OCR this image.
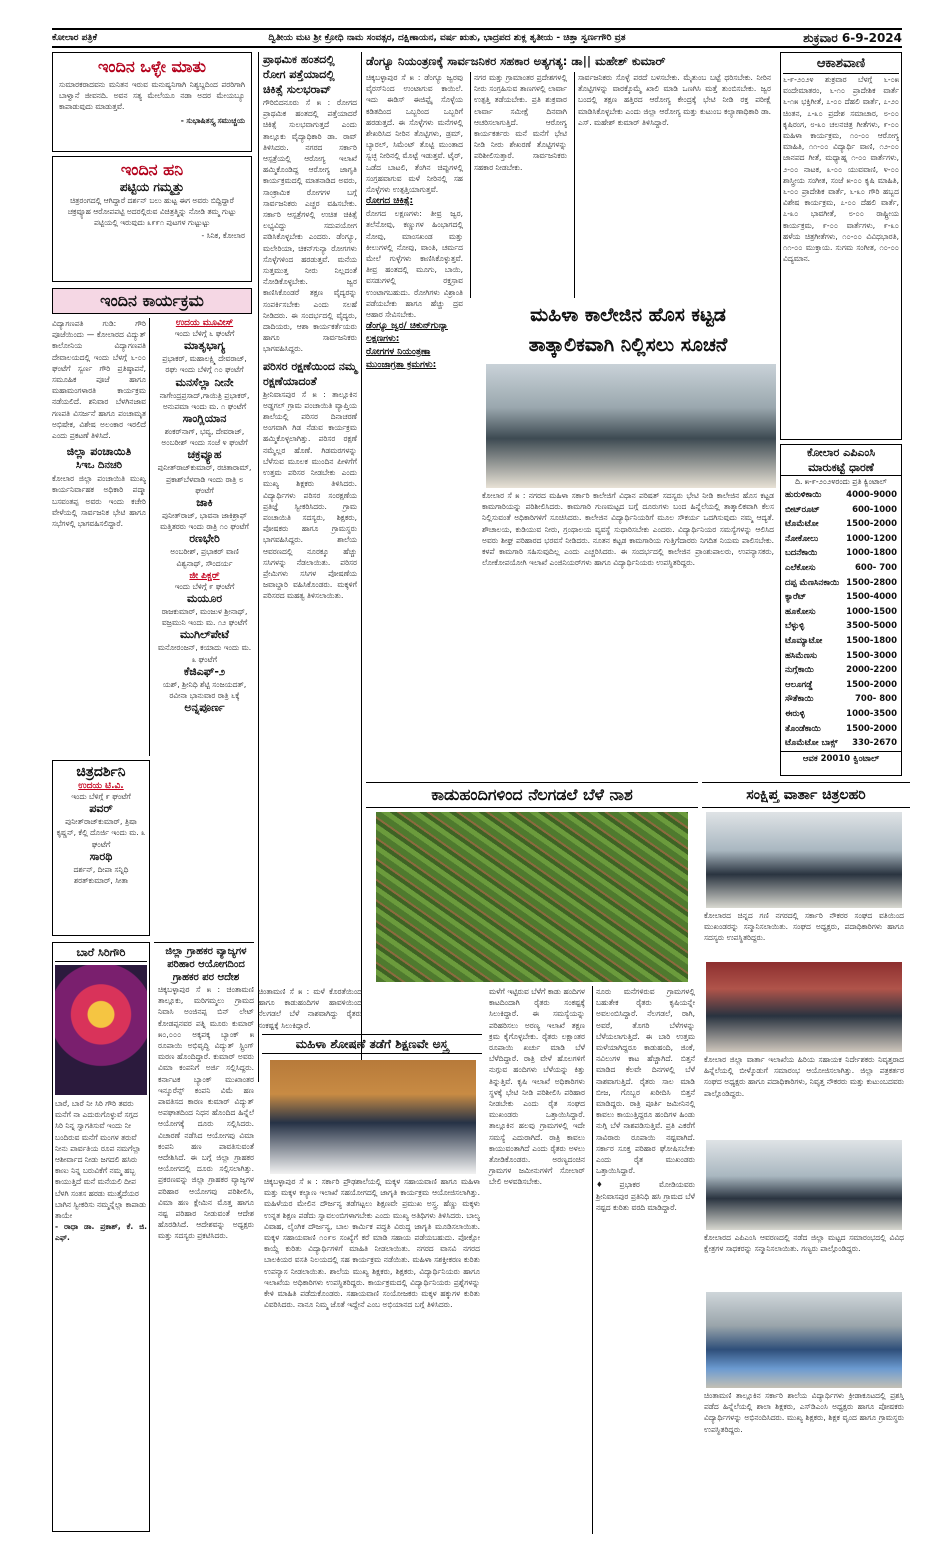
ಕೋಲಾರ ಪತ್ರಿಕೆ	ದ್ವಿತೀಯ ಮಟ ಶ್ರೀ ಕ್ರೋಧಿ ನಾಮ ಸಂವತ್ಸರ, ದಕ್ಷಿಣಾಯನ, ವರ್ಷ ಋತು, ಭಾದ್ರಪದ ಶುಕ್ಲ ತೃತೀಯ - ಚಿತ್ತಾ ಸ್ವರ್ಣಗೌರಿ ವ್ರತ	ಶುಕ್ರವಾರ 6-9-2024
ಇಂದಿನ ಒಳ್ಳೇ ಮಾತು
ಸುಮಾರಕರಾದವನು ಮನಿತನ ಇರುವ ಮನುಷ್ಯನಿಗಾಗಿ ನಿಶ್ಯಬ್ದದಿಂದ ಪರರಿಗಾಗಿ ಬಾಳ್ವಾನೆ ಜೀವನದಿ. ಅವನ ಸತ್ಯ ಮೇಲೆಯೂ ನಡಾ ಅದರ ಮೇಯಬ್ಯೂ ಕಾಪಾಡುವುದು ಮಾಡುತ್ತವೆ.
- ಸುಭಾಷಿತಸ್ತ್ಯ ಸಮುಚ್ಚಯ
ಇಂದಿನ ಹನಿ
ಪಟ್ಟಿಯ ಗಮ್ಮತ್ತು
ಚಿತ್ರರಂಗದಲ್ಲಿ ಆಗಿದ್ದಾರೆ ದರ್ಶನ್ ಬಲು ಹುಟ್ಟ ಈಗ ಅವರು ಬಿದ್ದಿದ್ದಾರೆ ಚಕ್ರವ್ಯೂಹ ಆರೋಪಪಟ್ಟಿ ಅದರಲ್ಲಿರುವ ವಿಚಿತ್ರತ್ಮಿನ್ನು ನೋಡಿ ತಮ್ಮ ಗುಟ್ಟು ಪಟ್ಟಿಯಲ್ಲಿ ಇರುವುದು ೩೯೯೧ ಪುಟಗಳ ಗುಟ್ಟುಟ್ಟು
- ಸಿನಿಕ, ಕೋಲಾರ
ಇಂದಿನ ಕಾರ್ಯಕ್ರಮ
ವಿದ್ಯಾಗಣಪತಿ ಗುಡಿ: ಗೌರಿ ಪೂಜೆಯಿಂದು — ಕೋಲಾರದ ವಿದ್ಯುತ್ ಕಾಲೋನಿಯ ವಿದ್ಯಾಗಣಪತಿ ದೇವಾಲಯದಲ್ಲಿ ಇಂದು ಬೆಳಗ್ಗೆ ೬-೦೦ ಘಂಟೆಗೆ ಸ್ವರ್ಣ ಗೌರಿ ಪ್ರತಿಷ್ಠಾಪನೆ, ಸಮೂಹಿಕ ಪೂಜೆ ಹಾಗೂ ಮಹಾಮಂಗಳಾರತಿ ಕಾರ್ಯಕ್ರಮ ನಡೆಯಲಿದೆ. ಶನಿವಾರ ಬೆಳಗಿನಜಾವ ಗಣಪತಿ ವಿಸರ್ಜನೆ ಹಾಗೂ ಪಂಚಾಮೃತ ಅಭಿಷೇಕ, ವಿಶೇಷ ಅಲಂಕಾರ ಇರಲಿದೆ ಎಂದು ಪ್ರಕಟಣೆ ತಿಳಿಸಿದೆ.
ಜಿಲ್ಲಾ ಪಂಚಾಯಿತಿ
ಸಿಇಒ ದಿನಚರಿ
ಕೋಲಾರ ಜಿಲ್ಲಾ ಪಂಚಾಯಿತಿ ಮುಖ್ಯ ಕಾರ್ಯನಿರ್ವಾಹಕ ಅಧಿಕಾರಿ ಪದ್ಮಾ ಬಸವಂತಪ್ಪ ಅವರು ಇಂದು ಕಚೇರಿ ವೇಳೆಯಲ್ಲಿ ಸಾರ್ವಜನಿಕ ಭೇಟಿ ಹಾಗೂ ಸಭೆಗಳಲ್ಲಿ ಭಾಗವಹಿಸಲಿದ್ದಾರೆ.
ಚಿತ್ರದರ್ಶಿನಿ
ಉದಯ ಟಿ.ವಿ.
ಇಂದು ಬೆಳಿಗ್ಗೆ ೯ ಘಂಟೆಗೆ
ಪವರ್
ಪುನೀತ್‌ರಾಜ್‌ಕುಮಾರ್, ತ್ರಿಷಾ ಕೃಷ್ಣನ್, ಕೆಲ್ಲಿ ದೊರ್ಜಿ ಇಂದು ಮ. ೩ ಘಂಟೆಗೆ
ಸಾರಥಿ
ದರ್ಶನ್, ದೀಪಾ ಸನ್ನಿಧಿ ಶರತ್‌ಕುಮಾರ್, ಸೀತಾ
ಬಾರೆ ಸಿರಿಗೌರಿ
ಬಾರೆ, ಬಾರೆ ನೀ ಸಿರಿ ಗೌರಿ ತವರು ಮನೆಗೆ ನಾ ಎದುರುಗೊಳ್ಳುವೆ ಸಗ್ಗದ ಸಿರಿ ನಿನ್ನ ಸ್ವಾಗತಿಸುವೆ ಇಂದು ನೀ ಬಂದಿರುವ ಮನೆಗೆ ಮಂಗಳ ತರುವೆ ನೀನು ಪಾರ್ವತಿಯ ರೂಪ ನಮಗೆಲ್ಲಾ ಆಶೀರ್ವಾದ ನೀಡು ಜಗದಲಿ ಹಸಿರು ಕಾಣು ನಿನ್ನ ಬರುವಿಕೆಗೆ ನಮ್ಮ ಹಬ್ಬ ಕಾಯುತ್ತಿದೆ ಮನೆ ಮನೆಯಲಿ ದೀಪ ಬೆಳಗಿ ಸಂತಸ ಹರಡು ಮುತ್ತೈದೆಯರ ಬಾಗಿನ ಸ್ವೀಕರಿಸು ನಮ್ಮನ್ನೆಲ್ಲಾ ಕಾಪಾಡು ತಾಯೇ
- ರಾಧಾ ಡಾ. ಪ್ರಕಾಶ್, ಕೆ. ಜಿ. ಎಫ್.
ಉದಯ ಮೂವೀಸ್
ಇಂದು ಬೆಳಿಗ್ಗೆ ೬ ಘಂಟೆಗೆ
ಮಾತೃಭಾಗ್ಯ
ಪ್ರಭಾಕರ್, ಮಹಾಲಕ್ಷ್ಮಿ ದೇವರಾಜ್, ರಘು ಇಂದು ಬೆಳಿಗ್ಗೆ ೧೦ ಘಂಟೆಗೆ
ಮನಸೆಲ್ಲಾ ನೀನೇ
ನಾಗೇಂದ್ರಪ್ರಸಾದ್,ಗಾಯಿತ್ರಿ ಪ್ರಭಾಕರ್, ಅನುಪಮಾ ಇಂದು ಮ. ೧ ಘಂಟೆಗೆ
ಸಾಂಗ್ಲಿಯಾನ
ಶಂಕರ್‌ನಾಗ್, ಭವ್ಯ, ದೇವರಾಜ್, ಅಂಬರೀಶ್ ಇಂದು ಸಂಜೆ ೪ ಘಂಟೆಗೆ
ಚಕ್ರವ್ಯೂಹ
ಪುನೀತ್‌ರಾಜ್‌ಕುಮಾರ್, ರಚಿತಾರಾಮ್, ಪ್ರಕಾಶ್‌ಬೆಳವಾಡಿ ಇಂದು ರಾತ್ರಿ ೮ ಘಂಟೆಗೆ
ಜಾಕಿ
ಪುನೀತ್‌ರಾಜ್, ಭಾವನಾ ಜಾಕಿಶ್ರಾಫ್ ಮತ್ತಿತರರು ಇಂದು ರಾತ್ರಿ ೧೦ ಘಂಟೆಗೆ
ರಣಭೇರಿ
ಅಂಬರೀಶ್, ಪ್ರಭಾಕರ್ ವಾಣಿ ವಿಶ್ವನಾಥ್, ಸೌಂದರ್ಯ
ಜೀ ಪಿಕ್ಚರ್
ಇಂದು ಬೆಳಿಗ್ಗೆ ೯ ಘಂಟೆಗೆ
ಮಯೂರ
ರಾಜಕುಮಾರ್, ಮಂಜುಳ ಶ್ರೀನಾಥ್, ವಜ್ರಮುನಿ ಇಂದು ಮ. ೧೨ ಘಂಟೆಗೆ
ಮುಗಿಲ್‌ಪೇಟೆ
ಮನೋರಂಜನ್, ಕಯಾದು ಇಂದು ಮ. ೩ ಘಂಟೆಗೆ
ಕೆಜಿಎಫ್-೨
ಯಶ್, ಶ್ರೀನಿಧಿ ಶೆಟ್ಟಿ ಸಂಜಯದತ್, ರವೀನಾ ಭಾನುವಾರ ರಾತ್ರಿ ೬ಕ್ಕೆ
ಅನ್ನಪೂರ್ಣ
ಜಿಲ್ಲಾ ಗ್ರಾಹಕರ ವ್ಯಾಜ್ಯಗಳ ಪರಿಹಾರ ಆಯೋಗದಿಂದ ಗ್ರಾಹಕರ ಪರ ಆದೇಶ
ಚಿಕ್ಕಬಳ್ಳಾಪುರ ಸೆ ೫ : ಚಿಂತಾಮಣಿ ತಾಲ್ಲೂಕು, ಮರಿಗಮ್ಮಲು ಗ್ರಾಮದ ನಿವಾಸಿ ಅಂಜಿನಪ್ಪ ಬಿನ್ ಲೇಟ್ ಕೋಡಪ್ಪನವರ ಪತ್ನಿ ಮೂರು ಕುಮಾರ್ ೫೦,೦೦೦ ಅಕ್ಕಪಕ್ಕ ಬ್ಯಾಂಕ್ ೫ ರೂಪಾಯಿ ಅಭಿವೃದ್ಧಿ ವಿದ್ಯುತ್ ಸ್ಟ್ರಿಂಗ್ ಮರಣ ಹೊಂದಿದ್ದಾರೆ. ಕುಮಾರ್ ಅವರು ವಿಮಾ ಕಂಪನಿಗೆ ಅರ್ಜಿ ಸಲ್ಲಿಸಿದ್ದರು. ಕರ್ನಾಟಕ ಬ್ಯಾಂಕ್ ಮುಖಾಂತರ ಇನ್ಶೂರೆನ್ಸ್ ಕಂಪನಿ ವಿಮೆ ಹಣ ಪಾವತಿಸದ ಕಾರಣ ಕುಮಾರ್ ವಿದ್ಯುತ್ ಅಪಘಾತದಿಂದ ನಿಧನ ಹೊಂದಿದ ಹಿನ್ನೆಲೆ ಆಯೋಗಕ್ಕೆ ದೂರು ಸಲ್ಲಿಸಿದರು. ವಿಚಾರಣೆ ನಡೆಸಿದ ಆಯೋಗವು ವಿಮಾ ಕಂಪನಿ ಹಣ ಪಾವತಿಸುವಂತೆ ಆದೇಶಿಸಿದೆ. ಈ ಬಗ್ಗೆ ಜಿಲ್ಲಾ ಗ್ರಾಹಕರ ಆಯೋಗದಲ್ಲಿ ದೂರು ಸಲ್ಲಿಸಲಾಗಿತ್ತು. ಪ್ರಕರಣವನ್ನು ಜಿಲ್ಲಾ ಗ್ರಾಹಕರ ವ್ಯಾಜ್ಯಗಳ ಪರಿಹಾರ ಆಯೋಗವು ಪರಿಶೀಲಿಸಿ, ವಿಮಾ ಹಣ ಕ್ಲೇಮಿನ ಮೊತ್ತ ಹಾಗೂ ನಷ್ಟ ಪರಿಹಾರ ನೀಡುವಂತೆ ಆದೇಶ ಹೊರಡಿಸಿದೆ. ಆದೇಶವನ್ನು ಅಧ್ಯಕ್ಷರು ಮತ್ತು ಸದಸ್ಯರು ಪ್ರಕಟಿಸಿದರು.
ಪ್ರಾಥಮಿಕ ಹಂತದಲ್ಲಿ ರೋಗ ಪತ್ತೆಯಾದಲ್ಲಿ ಚಿಕಿತ್ಸೆ ಸುಲಭರಾವ್
ಗೌರಿಬಿದನೂರು ಸೆ ೫ : ರೋಗದ ಪ್ರಾಥಮಿಕ ಹಂತದಲ್ಲಿ ಪತ್ತೆಯಾದರೆ ಚಿಕಿತ್ಸೆ ಸುಲಭವಾಗುತ್ತದೆ ಎಂದು ತಾಲ್ಲೂಕು ವೈದ್ಯಾಧಿಕಾರಿ ಡಾ. ರಾವ್ ತಿಳಿಸಿದರು. ನಗರದ ಸರ್ಕಾರಿ ಆಸ್ಪತ್ರೆಯಲ್ಲಿ ಆರೋಗ್ಯ ಇಲಾಖೆ ಹಮ್ಮಿಕೊಂಡಿದ್ದ ಆರೋಗ್ಯ ಜಾಗೃತಿ ಕಾರ್ಯಕ್ರಮದಲ್ಲಿ ಮಾತನಾಡಿದ ಅವರು, ಸಾಂಕ್ರಾಮಿಕ ರೋಗಗಳ ಬಗ್ಗೆ ಸಾರ್ವಜನಿಕರು ಎಚ್ಚರ ವಹಿಸಬೇಕು. ಸರ್ಕಾರಿ ಆಸ್ಪತ್ರೆಗಳಲ್ಲಿ ಉಚಿತ ಚಿಕಿತ್ಸೆ ಲಭ್ಯವಿದ್ದು ಸದುಪಯೋಗ ಪಡಿಸಿಕೊಳ್ಳಬೇಕು ಎಂದರು. ಡೆಂಗ್ಯೂ, ಮಲೇರಿಯಾ, ಚಿಕನ್‌ಗುನ್ಯಾ ರೋಗಗಳು ಸೊಳ್ಳೆಗಳಿಂದ ಹರಡುತ್ತವೆ. ಮನೆಯ ಸುತ್ತಮುತ್ತ ನೀರು ನಿಲ್ಲದಂತೆ ನೋಡಿಕೊಳ್ಳಬೇಕು. ಜ್ವರ ಕಾಣಿಸಿಕೊಂಡರೆ ತಕ್ಷಣ ವೈದ್ಯರನ್ನು ಸಂಪರ್ಕಿಸಬೇಕು ಎಂದು ಸಲಹೆ ನೀಡಿದರು. ಈ ಸಂದರ್ಭದಲ್ಲಿ ವೈದ್ಯರು, ದಾದಿಯರು, ಆಶಾ ಕಾರ್ಯಕರ್ತೆಯರು ಹಾಗೂ ಸಾರ್ವಜನಿಕರು ಭಾಗವಹಿಸಿದ್ದರು.
ಪರಿಸರ ರಕ್ಷಣೆಯಿಂದ ನಮ್ಮ ರಕ್ಷಣೆಯಾದಂತೆ
ಶ್ರೀನಿವಾಸಪುರ ಸೆ ೫ : ತಾಲ್ಲೂಕಿನ ಅಡ್ಡಗಲ್ ಗ್ರಾಮ ಪಂಚಾಯಿತಿ ವ್ಯಾಪ್ತಿಯ ಶಾಲೆಯಲ್ಲಿ ಪರಿಸರ ದಿನಾಚರಣೆ ಅಂಗವಾಗಿ ಗಿಡ ನೆಡುವ ಕಾರ್ಯಕ್ರಮ ಹಮ್ಮಿಕೊಳ್ಳಲಾಗಿತ್ತು. ಪರಿಸರ ರಕ್ಷಣೆ ನಮ್ಮೆಲ್ಲರ ಹೊಣೆ. ಗಿಡಮರಗಳನ್ನು ಬೆಳೆಸುವ ಮೂಲಕ ಮುಂದಿನ ಪೀಳಿಗೆಗೆ ಉತ್ತಮ ಪರಿಸರ ನೀಡಬೇಕು ಎಂದು ಮುಖ್ಯ ಶಿಕ್ಷಕರು ತಿಳಿಸಿದರು. ವಿದ್ಯಾರ್ಥಿಗಳು ಪರಿಸರ ಸಂರಕ್ಷಣೆಯ ಪ್ರತಿಜ್ಞೆ ಸ್ವೀಕರಿಸಿದರು. ಗ್ರಾಮ ಪಂಚಾಯಿತಿ ಸದಸ್ಯರು, ಶಿಕ್ಷಕರು, ಪೋಷಕರು ಹಾಗೂ ಗ್ರಾಮಸ್ಥರು ಭಾಗವಹಿಸಿದ್ದರು. ಶಾಲೆಯ ಆವರಣದಲ್ಲಿ ನೂರಕ್ಕೂ ಹೆಚ್ಚು ಸಸಿಗಳನ್ನು ನೆಡಲಾಯಿತು. ಪರಿಸರ ಪ್ರೇಮಿಗಳು ಸಸಿಗಳ ಪೋಷಣೆಯ ಜವಾಬ್ದಾರಿ ವಹಿಸಿಕೊಂಡರು. ಮಕ್ಕಳಿಗೆ ಪರಿಸರದ ಮಹತ್ವ ತಿಳಿಸಲಾಯಿತು.
ಡೆಂಗ್ಯೂ ನಿಯಂತ್ರಣಕ್ಕೆ ಸಾರ್ವಜನಿಕರ ಸಹಕಾರ ಅತ್ಯಗತ್ಯ: ಡಾ|| ಮಹೇಶ್ ಕುಮಾರ್
ಚಿಕ್ಕಬಳ್ಳಾಪುರ ಸೆ ೫ : ಡೆಂಗ್ಯೂ ಜ್ವರವು ವೈರಸ್‌ನಿಂದ ಉಂಟಾಗುವ ಕಾಯಿಲೆ. ಇದು ಈಡಿಸ್ ಈಜಿಪ್ಟೈ ಸೊಳ್ಳೆಯ ಕಡಿತದಿಂದ ಒಬ್ಬರಿಂದ ಒಬ್ಬರಿಗೆ ಹರಡುತ್ತದೆ. ಈ ಸೊಳ್ಳೆಗಳು ಮನೆಗಳಲ್ಲಿ ಶೇಖರಿಸಿದ ನೀರಿನ ತೊಟ್ಟಿಗಳು, ಡ್ರಮ್, ಬ್ಯಾರಲ್, ಸಿಮೆಂಟ್ ತೊಟ್ಟಿ ಮುಂತಾದ ಸ್ವಚ್ಛ ನೀರಿನಲ್ಲಿ ಮೊಟ್ಟೆ ಇಡುತ್ತವೆ. ಟೈರ್, ಒಡೆದ ಬಾಟಲಿ, ತೆಂಗಿನ ಚಿಪ್ಪುಗಳಲ್ಲಿ ಸಂಗ್ರಹವಾಗುವ ಮಳೆ ನೀರಿನಲ್ಲಿ ಸಹ ಸೊಳ್ಳೆಗಳು ಉತ್ಪತ್ತಿಯಾಗುತ್ತವೆ.
ರೋಗದ ಚಿಕಿತ್ಸೆ:
ರೋಗದ ಲಕ್ಷಣಗಳು: ತೀವ್ರ ಜ್ವರ, ತಲೆನೋವು, ಕಣ್ಣುಗಳ ಹಿಂಭಾಗದಲ್ಲಿ ನೋವು, ಮಾಂಸಖಂಡ ಮತ್ತು ಕೀಲುಗಳಲ್ಲಿ ನೋವು, ವಾಂತಿ, ಚರ್ಮದ ಮೇಲೆ ಗುಳ್ಳೆಗಳು ಕಾಣಿಸಿಕೊಳ್ಳುತ್ತವೆ. ತೀವ್ರ ಹಂತದಲ್ಲಿ ಮೂಗು, ಬಾಯಿ, ವಸಡುಗಳಲ್ಲಿ ರಕ್ತಸ್ರಾವ ಉಂಟಾಗಬಹುದು. ರೋಗಿಗಳು ವಿಶ್ರಾಂತಿ ಪಡೆಯಬೇಕು ಹಾಗೂ ಹೆಚ್ಚು ದ್ರವ ಆಹಾರ ಸೇವಿಸಬೇಕು.
ಡೆಂಗ್ಯೂ ಜ್ವರ/ ಚಿಕುನ್‌ಗುನ್ಯಾ ಲಕ್ಷಣಗಳು:
ರೋಗಗಳ ನಿಯಂತ್ರಣಾ ಮುಂಜಾಗ್ರತಾ ಕ್ರಮಗಳು:
ನಗರ ಮತ್ತು ಗ್ರಾಮಾಂತರ ಪ್ರದೇಶಗಳಲ್ಲಿ ನೀರು ಸಂಗ್ರಹಿಸುವ ತಾಣಗಳಲ್ಲಿ ಲಾರ್ವಾ ಉತ್ಪತ್ತಿ ತಡೆಯಬೇಕು. ಪ್ರತಿ ಶುಕ್ರವಾರ ಲಾರ್ವಾ ಸಮೀಕ್ಷೆ ದಿನವಾಗಿ ಆಚರಿಸಲಾಗುತ್ತಿದೆ. ಆರೋಗ್ಯ ಕಾರ್ಯಕರ್ತರು ಮನೆ ಮನೆಗೆ ಭೇಟಿ ನೀಡಿ ನೀರು ಶೇಖರಣೆ ತೊಟ್ಟಿಗಳನ್ನು ಪರಿಶೀಲಿಸುತ್ತಾರೆ. ಸಾರ್ವಜನಿಕರು ಸಹಕಾರ ನೀಡಬೇಕು.
ಸಾರ್ವಜನಿಕರು ಸೊಳ್ಳೆ ಪರದೆ ಬಳಸಬೇಕು. ಮೈತುಂಬ ಬಟ್ಟೆ ಧರಿಸಬೇಕು. ನೀರಿನ ತೊಟ್ಟಿಗಳನ್ನು ವಾರಕ್ಕೊಮ್ಮೆ ಖಾಲಿ ಮಾಡಿ ಒಣಗಿಸಿ ಮತ್ತೆ ತುಂಬಿಸಬೇಕು. ಜ್ವರ ಬಂದಲ್ಲಿ ತಕ್ಷಣ ಹತ್ತಿರದ ಆರೋಗ್ಯ ಕೇಂದ್ರಕ್ಕೆ ಭೇಟಿ ನೀಡಿ ರಕ್ತ ಪರೀಕ್ಷೆ ಮಾಡಿಸಿಕೊಳ್ಳಬೇಕು ಎಂದು ಜಿಲ್ಲಾ ಆರೋಗ್ಯ ಮತ್ತು ಕುಟುಂಬ ಕಲ್ಯಾಣಾಧಿಕಾರಿ ಡಾ. ಎಸ್. ಮಹೇಶ್ ಕುಮಾರ್ ತಿಳಿಸಿದ್ದಾರೆ.
ಮಹಿಳಾ ಕಾಲೇಜಿನ ಹೊಸ ಕಟ್ಟಡ
ತಾತ್ಕಾಲಿಕವಾಗಿ ನಿಲ್ಲಿಸಲು ಸೂಚನೆ
ಕೋಲಾರ ಸೆ ೫ : ನಗರದ ಮಹಿಳಾ ಸರ್ಕಾರಿ ಕಾಲೇಜಿಗೆ ವಿಧಾನ ಪರಿಷತ್ ಸದಸ್ಯರು ಭೇಟಿ ನೀಡಿ ಕಾಲೇಜಿನ ಹೊಸ ಕಟ್ಟಡ ಕಾಮಗಾರಿಯನ್ನು ಪರಿಶೀಲಿಸಿದರು. ಕಾಮಗಾರಿ ಗುಣಮಟ್ಟದ ಬಗ್ಗೆ ದೂರುಗಳು ಬಂದ ಹಿನ್ನೆಲೆಯಲ್ಲಿ ತಾತ್ಕಾಲಿಕವಾಗಿ ಕೆಲಸ ನಿಲ್ಲಿಸುವಂತೆ ಅಧಿಕಾರಿಗಳಿಗೆ ಸೂಚಿಸಿದರು. ಕಾಲೇಜಿನ ವಿದ್ಯಾರ್ಥಿನಿಯರಿಗೆ ಮೂಲ ಸೌಕರ್ಯ ಒದಗಿಸುವುದು ನಮ್ಮ ಆದ್ಯತೆ. ಶೌಚಾಲಯ, ಕುಡಿಯುವ ನೀರು, ಗ್ರಂಥಾಲಯ ವ್ಯವಸ್ಥೆ ಸುಧಾರಿಸಬೇಕು ಎಂದರು. ವಿದ್ಯಾರ್ಥಿನಿಯರ ಸಮಸ್ಯೆಗಳನ್ನು ಆಲಿಸಿದ ಅವರು ಶೀಘ್ರ ಪರಿಹಾರದ ಭರವಸೆ ನೀಡಿದರು. ನೂತನ ಕಟ್ಟಡ ಕಾಮಗಾರಿಯ ಗುತ್ತಿಗೆದಾರರು ನಿಗದಿತ ನಿಯಮ ಪಾಲಿಸಬೇಕು. ಕಳಪೆ ಕಾಮಗಾರಿ ಸಹಿಸುವುದಿಲ್ಲ ಎಂದು ಎಚ್ಚರಿಸಿದರು. ಈ ಸಂದರ್ಭದಲ್ಲಿ ಕಾಲೇಜಿನ ಪ್ರಾಂಶುಪಾಲರು, ಉಪನ್ಯಾಸಕರು, ಲೋಕೋಪಯೋಗಿ ಇಲಾಖೆ ಎಂಜಿನಿಯರ್‌ಗಳು ಹಾಗೂ ವಿದ್ಯಾರ್ಥಿನಿಯರು ಉಪಸ್ಥಿತರಿದ್ದರು.
ಆಕಾಶವಾಣಿ
೬-೯-೨೦೨೪ ಶುಕ್ರವಾರ ಬೆಳಗ್ಗೆ ೬-೦೫ ವಂದೇಮಾತರಂ, ೬-೧೦ ಪ್ರಾದೇಶಿಕ ವಾರ್ತೆ ೬-೧೫ ಭಕ್ತಿಗೀತೆ, ೭-೦೦ ದೆಹಲಿ ವಾರ್ತೆ, ೭-೨೦ ಚಿಂತನ, ೭-೩೦ ಪ್ರದೇಶ ಸಮಾಚಾರ, ೮-೦೦ ಕೃಷಿರಂಗ, ೮-೩೦ ಚಲನಚಿತ್ರ ಗೀತೆಗಳು, ೯-೦೦ ಮಹಿಳಾ ಕಾರ್ಯಕ್ರಮ, ೧೦-೦೦ ಆರೋಗ್ಯ ಮಾಹಿತಿ, ೧೧-೦೦ ವಿದ್ಯಾರ್ಥಿ ವಾಣಿ, ೧೨-೦೦ ಜಾನಪದ ಗೀತೆ, ಮಧ್ಯಾಹ್ನ ೧-೦೦ ವಾರ್ತೆಗಳು, ೨-೦೦ ನಾಟಕ, ೩-೦೦ ಯುವವಾಣಿ, ೪-೦೦ ಶಾಸ್ತ್ರೀಯ ಸಂಗೀತ, ಸಂಜೆ ೫-೦೦ ಕೃಷಿ ಮಾಹಿತಿ, ೬-೦೦ ಪ್ರಾದೇಶಿಕ ವಾರ್ತೆ, ೬-೩೦ ಗೌರಿ ಹಬ್ಬದ ವಿಶೇಷ ಕಾರ್ಯಕ್ರಮ, ೭-೦೦ ದೆಹಲಿ ವಾರ್ತೆ, ೭-೩೦ ಭಾವಗೀತೆ, ೮-೦೦ ರಾಷ್ಟ್ರೀಯ ಕಾರ್ಯಕ್ರಮ, ೯-೦೦ ವಾರ್ತೆಗಳು, ೯-೩೦ ಹಳೆಯ ಚಿತ್ರಗೀತೆಗಳು, ೧೦-೦೦ ವಿವಿಧಭಾರತಿ, ೧೧-೦೦ ಮುಕ್ತಾಯ. ಸುಗಮ ಸಂಗೀತ, ೧೦-೦೦ ವಿದ್ಯಮಾನ.
ಕೋಲಾರ ಎಪಿಎಂಸಿ
ಮಾರುಕಟ್ಟೆ ಧಾರಣೆ
ದಿ. ೫-೯-೨೦೨೪ರಂದು ಪ್ರತಿ ಕ್ವಿಂಟಾಲ್
ಹುರುಳಿಕಾಯಿ	4000-9000
ಬೀಟ್‌ರೂಟ್	600-1000
ಟೊಮೆಟೋ	1500-2000
ನೋಕೋಲು	1000-1200
ಬದನೆಕಾಯಿ	1000-1800
ಎಲೆಕೋಸು	600- 700
ದಪ್ಪ ಮೆಣಸಿನಕಾಯಿ 1500-2800
ಕ್ಯಾರೆಟ್	1500-4000
ಹೂಕೋಸು	1000-1500
ಬೆಳ್ಳುಳ್ಳಿ	3500-5000
ಟೊಮ್ಯಾಟೋ	1500-1800
ಹಸಿಮೆಣಸು	1500-3000
ನುಗ್ಗೆಕಾಯಿ	2000-2200
ಆಲೂಗಡ್ಡೆ	1500-2000
ಸೌತೆಕಾಯಿ	700- 800
ಈರುಳ್ಳಿ	1000-3500
ತೊಂಡೆಕಾಯಿ	1500-2000
ಟೊಮೆಟೋ ಬಾಕ್ಸ್ 330-2670
ಆವಕ 20010 ಕ್ವಿಂಟಾಲ್
ಕಾಡುಹಂದಿಗಳಿಂದ ನೆಲಗಡಲೆ ಬೆಳೆ ನಾಶ
ಚಿಂತಾಮಣಿ ಸೆ ೫ : ಮಳೆ ಕೊರತೆಯಿಂದ ಹಾಗೂ ಕಾಡುಹಂದಿಗಳ ಹಾವಳಿಯಿಂದ ನೆಲಗಡಲೆ ಬೆಳೆ ನಾಶವಾಗಿದ್ದು ರೈತರು ಸಂಕಷ್ಟಕ್ಕೆ ಸಿಲುಕಿದ್ದಾರೆ.
ಮಳೆಗೆ ಇಟ್ಟಿರುವ ಬೆಳೆಗೆ ಕಾಡು ಹಂದಿಗಳ ಕಾಟದಿಂದಾಗಿ ರೈತರು ಸಂಕಷ್ಟಕ್ಕೆ ಸಿಲುಕಿದ್ದಾರೆ. ಈ ಸಮಸ್ಯೆಯನ್ನು ಪರಿಹರಿಸಲು ಅರಣ್ಯ ಇಲಾಖೆ ತಕ್ಷಣ ಕ್ರಮ ಕೈಗೊಳ್ಳಬೇಕು. ರೈತರು ಲಕ್ಷಾಂತರ ರೂಪಾಯಿ ಖರ್ಚು ಮಾಡಿ ಬೆಳೆ ಬೆಳೆದಿದ್ದಾರೆ. ರಾತ್ರಿ ವೇಳೆ ಹೊಲಗಳಿಗೆ ನುಗ್ಗುವ ಹಂದಿಗಳು ಬೆಳೆಯನ್ನು ಕಿತ್ತು ತಿನ್ನುತ್ತಿವೆ. ಕೃಷಿ ಇಲಾಖೆ ಅಧಿಕಾರಿಗಳು ಸ್ಥಳಕ್ಕೆ ಭೇಟಿ ನೀಡಿ ಪರಿಶೀಲಿಸಿ ಪರಿಹಾರ ನೀಡಬೇಕು ಎಂದು ರೈತ ಸಂಘದ ಮುಖಂಡರು ಒತ್ತಾಯಿಸಿದ್ದಾರೆ. ತಾಲ್ಲೂಕಿನ ಹಲವು ಗ್ರಾಮಗಳಲ್ಲಿ ಇದೇ ಸಮಸ್ಯೆ ಎದುರಾಗಿದೆ. ರಾತ್ರಿ ಕಾವಲು ಕಾಯುವಂತಾಗಿದೆ ಎಂದು ರೈತರು ಅಳಲು ತೋಡಿಕೊಂಡರು. ಅರಣ್ಯದಂಚಿನ ಗ್ರಾಮಗಳ ಜಮೀನುಗಳಿಗೆ ಸೋಲಾರ್ ಬೇಲಿ ಅಳವಡಿಸಬೇಕು.
ನೂರು ಮನೆಗಳಿರುವ ಗ್ರಾಮಗಳಲ್ಲಿ ಬಹುತೇಕ ರೈತರು ಕೃಷಿಯನ್ನೇ ಅವಲಂಬಿಸಿದ್ದಾರೆ. ನೆಲಗಡಲೆ, ರಾಗಿ, ಅವರೆ, ತೊಗರಿ ಬೆಳೆಗಳನ್ನು ಬೆಳೆಯಲಾಗುತ್ತಿದೆ. ಈ ಬಾರಿ ಉತ್ತಮ ಮಳೆಯಾಗಿದ್ದರೂ ಕಾಡುಹಂದಿ, ಜಿಂಕೆ, ನವಿಲುಗಳ ಕಾಟ ಹೆಚ್ಚಾಗಿದೆ. ಬಿತ್ತನೆ ಮಾಡಿದ ಕೆಲವೇ ದಿನಗಳಲ್ಲಿ ಬೆಳೆ ನಾಶವಾಗುತ್ತಿದೆ. ರೈತರು ಸಾಲ ಮಾಡಿ ಬೀಜ, ಗೊಬ್ಬರ ಖರೀದಿಸಿ ಬಿತ್ತನೆ ಮಾಡಿದ್ದರು. ರಾತ್ರಿ ಪೂರ್ತಿ ಜಮೀನಿನಲ್ಲಿ ಕಾವಲು ಕಾಯುತ್ತಿದ್ದರೂ ಹಂದಿಗಳ ಹಿಂಡು ನುಗ್ಗಿ ಬೆಳೆ ನಾಶಪಡಿಸುತ್ತಿವೆ. ಪ್ರತಿ ಎಕರೆಗೆ ಸಾವಿರಾರು ರೂಪಾಯಿ ನಷ್ಟವಾಗಿದೆ. ಸರ್ಕಾರ ಸೂಕ್ತ ಪರಿಹಾರ ಘೋಷಿಸಬೇಕು ಎಂದು ರೈತ ಮುಖಂಡರು ಒತ್ತಾಯಿಸಿದ್ದಾರೆ.
♦ಪ್ರಭಾಕರ ಮೋಡಿಯವರು ಶ್ರೀನಿವಾಸಪುರ ಪ್ರತಿನಿಧಿ ಹಸಿ ಗ್ರಾಮದ ಬೆಳೆ ನಷ್ಟದ ಕುರಿತು ವರದಿ ಮಾಡಿದ್ದಾರೆ.
ಮಹಿಳಾ ಶೋಷಣೆ ತಡೆಗೆ ಶಿಕ್ಷಣವೇ ಅಸ್ತ್ರ
ಚಿಕ್ಕಬಳ್ಳಾಪುರ ಸೆ ೫ : ಸರ್ಕಾರಿ ಪ್ರೌಢಶಾಲೆಯಲ್ಲಿ ಮಕ್ಕಳ ಸಹಾಯವಾಣಿ ಹಾಗೂ ಮಹಿಳಾ ಮತ್ತು ಮಕ್ಕಳ ಕಲ್ಯಾಣ ಇಲಾಖೆ ಸಹಯೋಗದಲ್ಲಿ ಜಾಗೃತಿ ಕಾರ್ಯಕ್ರಮ ಆಯೋಜಿಸಲಾಗಿತ್ತು. ಮಹಿಳೆಯರ ಮೇಲಿನ ದೌರ್ಜನ್ಯ ತಡೆಗಟ್ಟಲು ಶಿಕ್ಷಣವೇ ಪ್ರಮುಖ ಅಸ್ತ್ರ. ಹೆಣ್ಣು ಮಕ್ಕಳು ಉನ್ನತ ಶಿಕ್ಷಣ ಪಡೆದು ಸ್ವಾವಲಂಬಿಗಳಾಗಬೇಕು ಎಂದು ಮುಖ್ಯ ಅತಿಥಿಗಳು ತಿಳಿಸಿದರು. ಬಾಲ್ಯ ವಿವಾಹ, ಲೈಂಗಿಕ ದೌರ್ಜನ್ಯ, ಬಾಲ ಕಾರ್ಮಿಕ ಪದ್ಧತಿ ವಿರುದ್ಧ ಜಾಗೃತಿ ಮೂಡಿಸಲಾಯಿತು. ಮಕ್ಕಳ ಸಹಾಯವಾಣಿ ೧೦೯೮ ಸಂಖ್ಯೆಗೆ ಕರೆ ಮಾಡಿ ಸಹಾಯ ಪಡೆಯಬಹುದು. ಪೋಕ್ಸೋ ಕಾಯ್ದೆ ಕುರಿತು ವಿದ್ಯಾರ್ಥಿಗಳಿಗೆ ಮಾಹಿತಿ ನೀಡಲಾಯಿತು. ನಗರದ ವಾಸವಿ ನಗರದ ಬಾಲಕಿಯರ ವಸತಿ ನಿಲಯದಲ್ಲಿ ಸಹ ಕಾರ್ಯಕ್ರಮ ನಡೆಯಿತು. ಮಹಿಳಾ ಸಶಕ್ತೀಕರಣ ಕುರಿತು ಉಪನ್ಯಾಸ ನೀಡಲಾಯಿತು. ಶಾಲೆಯ ಮುಖ್ಯ ಶಿಕ್ಷಕರು, ಶಿಕ್ಷಕರು, ವಿದ್ಯಾರ್ಥಿನಿಯರು ಹಾಗೂ ಇಲಾಖೆಯ ಅಧಿಕಾರಿಗಳು ಉಪಸ್ಥಿತರಿದ್ದರು. ಕಾರ್ಯಕ್ರಮದಲ್ಲಿ ವಿದ್ಯಾರ್ಥಿನಿಯರು ಪ್ರಶ್ನೆಗಳನ್ನು ಕೇಳಿ ಮಾಹಿತಿ ಪಡೆದುಕೊಂಡರು. ಸಹಾಯವಾಣಿ ಸಂಯೋಜಕರು ಮಕ್ಕಳ ಹಕ್ಕುಗಳ ಕುರಿತು ವಿವರಿಸಿದರು. ನಾನೂ ನಿಮ್ಮ ಜೊತೆ ಇದ್ದೇನೆ ಎಂಬ ಅಭಿಯಾನದ ಬಗ್ಗೆ ತಿಳಿಸಿದರು.
ಸಂಕ್ಷಿಪ್ತ ವಾರ್ತಾ ಚಿತ್ರಲಹರಿ
ಕೋಲಾರದ ಚಿನ್ನದ ಗಣಿ ನಗರದಲ್ಲಿ ಸರ್ಕಾರಿ ನೌಕರರ ಸಂಘದ ವತಿಯಿಂದ ಮುಖಂಡರನ್ನು ಸನ್ಮಾನಿಸಲಾಯಿತು. ಸಂಘದ ಅಧ್ಯಕ್ಷರು, ಪದಾಧಿಕಾರಿಗಳು ಹಾಗೂ ಸದಸ್ಯರು ಉಪಸ್ಥಿತರಿದ್ದರು.
ಕೋಲಾರ ಜಿಲ್ಲಾ ವಾರ್ತಾ ಇಲಾಖೆಯ ಹಿರಿಯ ಸಹಾಯಕ ನಿರ್ದೇಶಕರು ನಿವೃತ್ತರಾದ ಹಿನ್ನೆಲೆಯಲ್ಲಿ ಬೀಳ್ಕೊಡುಗೆ ಸಮಾರಂಭ ಆಯೋಜಿಸಲಾಗಿತ್ತು. ಜಿಲ್ಲಾ ಪತ್ರಕರ್ತರ ಸಂಘದ ಅಧ್ಯಕ್ಷರು ಹಾಗೂ ಪದಾಧಿಕಾರಿಗಳು, ನಿವೃತ್ತ ನೌಕರರು ಮತ್ತು ಕುಟುಂಬದವರು ಪಾಲ್ಗೊಂಡಿದ್ದರು.
ಕೋಲಾರದ ಎಪಿಎಂಸಿ ಆವರಣದಲ್ಲಿ ನಡೆದ ಜಿಲ್ಲಾ ಮಟ್ಟದ ಸಮಾರಂಭದಲ್ಲಿ ವಿವಿಧ ಕ್ಷೇತ್ರಗಳ ಸಾಧಕರನ್ನು ಸನ್ಮಾನಿಸಲಾಯಿತು. ಗಣ್ಯರು ಪಾಲ್ಗೊಂಡಿದ್ದರು.
ಚಿಂತಾಮಣಿ ತಾಲ್ಲೂಕಿನ ಸರ್ಕಾರಿ ಶಾಲೆಯ ವಿದ್ಯಾರ್ಥಿಗಳು ಕ್ರೀಡಾಕೂಟದಲ್ಲಿ ಪ್ರಶಸ್ತಿ ಪಡೆದ ಹಿನ್ನೆಲೆಯಲ್ಲಿ ಶಾಲಾ ಶಿಕ್ಷಕರು, ಎಸ್‌ಡಿಎಂಸಿ ಅಧ್ಯಕ್ಷರು ಹಾಗೂ ಪೋಷಕರು ವಿದ್ಯಾರ್ಥಿಗಳನ್ನು ಅಭಿನಂದಿಸಿದರು. ಮುಖ್ಯ ಶಿಕ್ಷಕರು, ಶಿಕ್ಷಕ ವೃಂದ ಹಾಗೂ ಗ್ರಾಮಸ್ಥರು ಉಪಸ್ಥಿತರಿದ್ದರು.
